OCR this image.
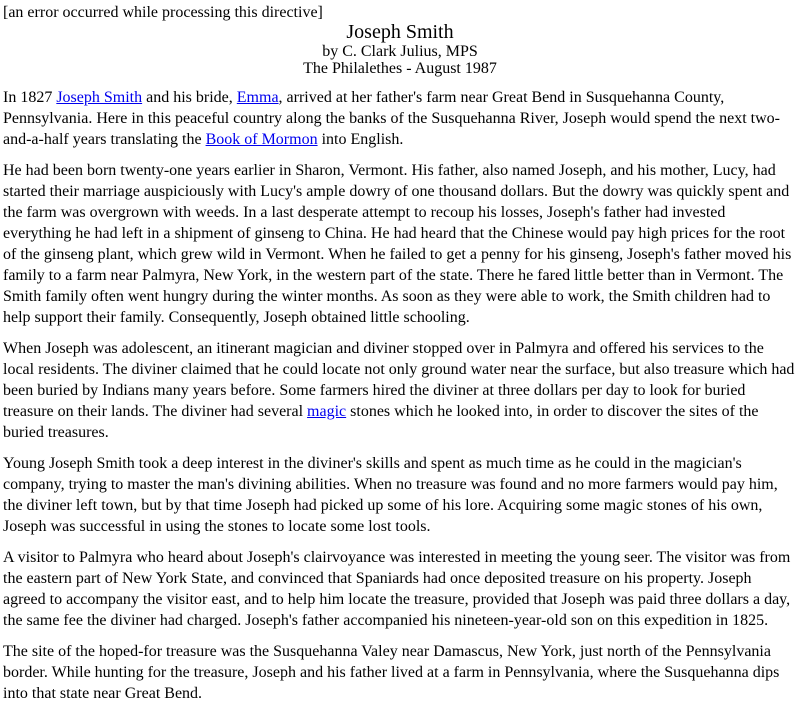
[an error occurred while processing this directive]
Joseph Smith
by C. Clark Julius, MPS
The Philalethes - August 1987

In 1827 Joseph Smith and his bride, Emma, arrived at her father's farm near Great Bend in Susquehanna County, Pennsylvania. Here in this peaceful country along the banks of the Susquehanna River, Joseph would spend the next two-and-a-half years translating the Book of Mormon into English.

He had been born twenty-one years earlier in Sharon, Vermont. His father, also named Joseph, and his mother, Lucy, had started their marriage auspiciously with Lucy's ample dowry of one thousand dollars. But the dowry was quickly spent and the farm was overgrown with weeds. In a last desperate attempt to recoup his losses, Joseph's father had invested everything he had left in a shipment of ginseng to China. He had heard that the Chinese would pay high prices for the root of the ginseng plant, which grew wild in Vermont. When he failed to get a penny for his ginseng, Joseph's father moved his family to a farm near Palmyra, New York, in the western part of the state. There he fared little better than in Vermont. The Smith family often went hungry during the winter months. As soon as they were able to work, the Smith children had to help support their family. Consequently, Joseph obtained little schooling.

When Joseph was adolescent, an itinerant magician and diviner stopped over in Palmyra and offered his services to the local residents. The diviner claimed that he could locate not only ground water near the surface, but also treasure which had been buried by Indians many years before. Some farmers hired the diviner at three dollars per day to look for buried treasure on their lands. The diviner had several magic stones which he looked into, in order to discover the sites of the buried treasures.

Young Joseph Smith took a deep interest in the diviner's skills and spent as much time as he could in the magician's company, trying to master the man's divining abilities. When no treasure was found and no more farmers would pay him, the diviner left town, but by that time Joseph had picked up some of his lore. Acquiring some magic stones of his own, Joseph was successful in using the stones to locate some lost tools.

A visitor to Palmyra who heard about Joseph's clairvoyance was interested in meeting the young seer. The visitor was from the eastern part of New York State, and convinced that Spaniards had once deposited treasure on his property. Joseph agreed to accompany the visitor east, and to help him locate the treasure, provided that Joseph was paid three dollars a day, the same fee the diviner had charged. Joseph's father accompanied his nineteen-year-old son on this expedition in 1825.

The site of the hoped-for treasure was the Susquehanna Valey near Damascus, New York, just north of the Pennsylvania border. While hunting for the treasure, Joseph and his father lived at a farm in Pennsylvania, where the Susquehanna dips into that state near Great Bend.
